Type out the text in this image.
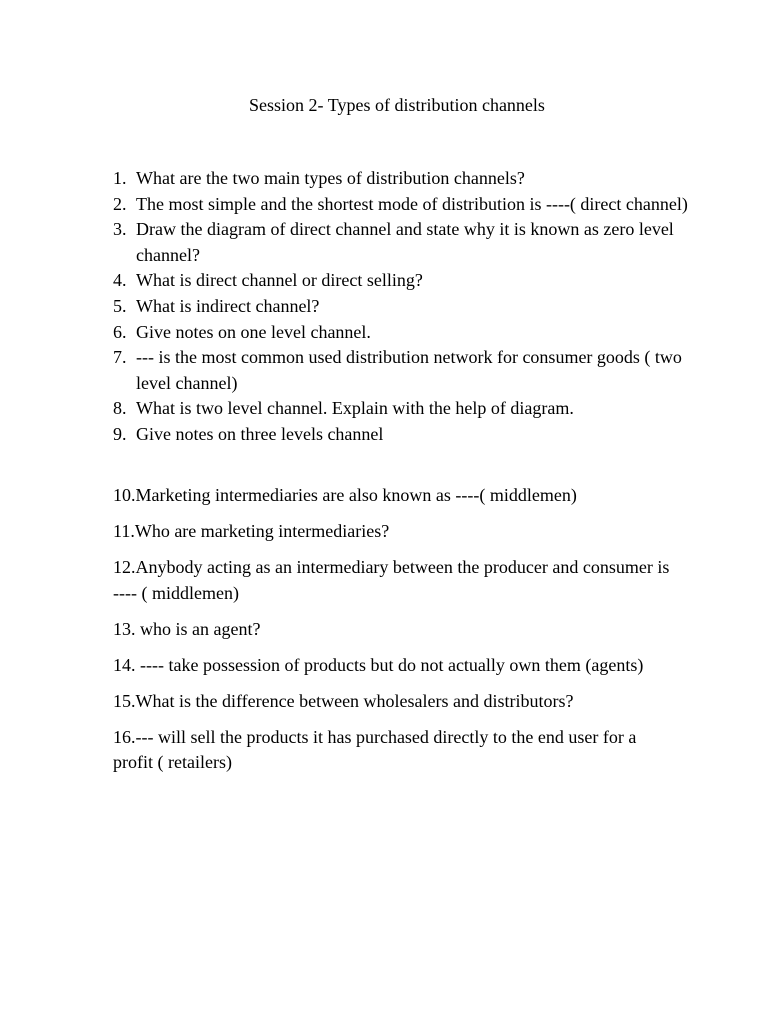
Session 2- Types of distribution channels
1. What are the two main types of distribution channels?
2. The most simple and the shortest mode of distribution is ----( direct channel)
3. Draw the diagram of direct channel and state why it is known as zero level channel?
4. What is direct channel or direct selling?
5. What is indirect channel?
6. Give notes on one level channel.
7. --- is the most common used distribution network for consumer goods ( two level channel)
8. What is two level channel. Explain with the help of diagram.
9. Give notes on three levels channel
10.Marketing intermediaries are also known as ----( middlemen)
11.Who are marketing intermediaries?
12.Anybody acting as an intermediary between the producer and consumer is ---- ( middlemen)
13. who is an agent?
14. ---- take possession of products but do not actually own them (agents)
15.What is the difference between wholesalers and distributors?
16.--- will sell the products it has purchased directly to the end user for a profit ( retailers)
